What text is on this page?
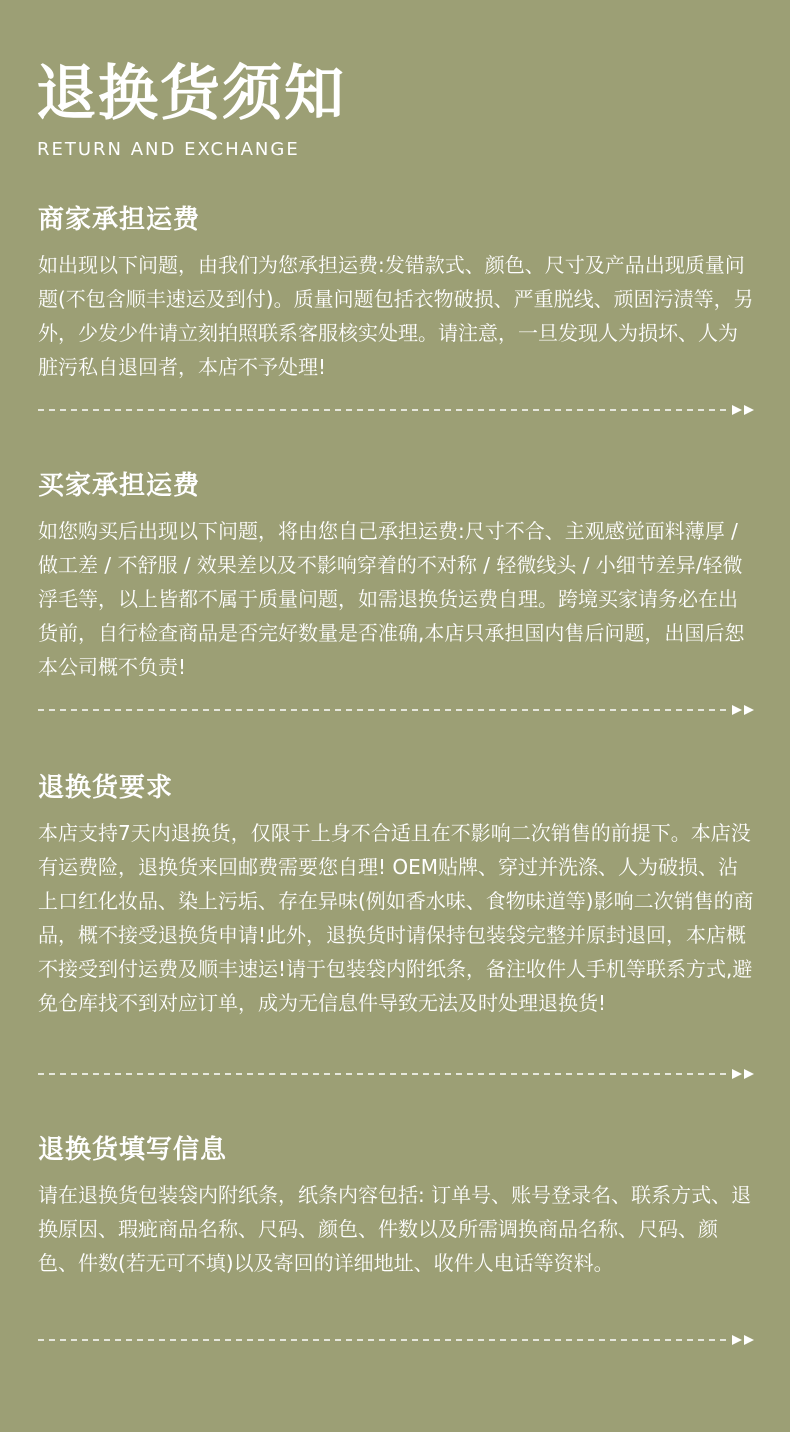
退换货须知
RETURN AND EXCHANGE
商家承担运费

如出现以下问题，由我们为您承担运费:发错款式、颜色、尺寸及产品出现质量问题(不包含顺丰速运及到付)。质量问题包括衣物破损、严重脱线、顽固污渍等，另外，少发少件请立刻拍照联系客服核实处理。请注意，一旦发现人为损坏、人为脏污私自退回者，本店不予处理!

买家承担运费

如您购买后出现以下问题，将由您自己承担运费:尺寸不合、主观感觉面料薄厚 / 做工差 / 不舒服 / 效果差以及不影响穿着的不对称 / 轻微线头 / 小细节差异/轻微浮毛等，以上皆都不属于质量问题，如需退换货运费自理。跨境买家请务必在出货前，自行检查商品是否完好数量是否准确,本店只承担国内售后问题，出国后恕本公司概不负责!

退换货要求

本店支持7天内退换货，仅限于上身不合适且在不影响二次销售的前提下。本店没有运费险，退换货来回邮费需要您自理! OEM贴牌、穿过并洗涤、人为破损、沾上口红化妆品、染上污垢、存在异味(例如香水味、食物味道等)影响二次销售的商品，概不接受退换货申请!此外，退换货时请保持包装袋完整并原封退回，本店概不接受到付运费及顺丰速运!请于包装袋内附纸条，备注收件人手机等联系方式,避免仓库找不到对应订单，成为无信息件导致无法及时处理退换货!

退换货填写信息

请在退换货包装袋内附纸条，纸条内容包括: 订单号、账号登录名、联系方式、退换原因、瑕疵商品名称、尺码、颜色、件数以及所需调换商品名称、尺码、颜色、件数(若无可不填)以及寄回的详细地址、收件人电话等资料。
